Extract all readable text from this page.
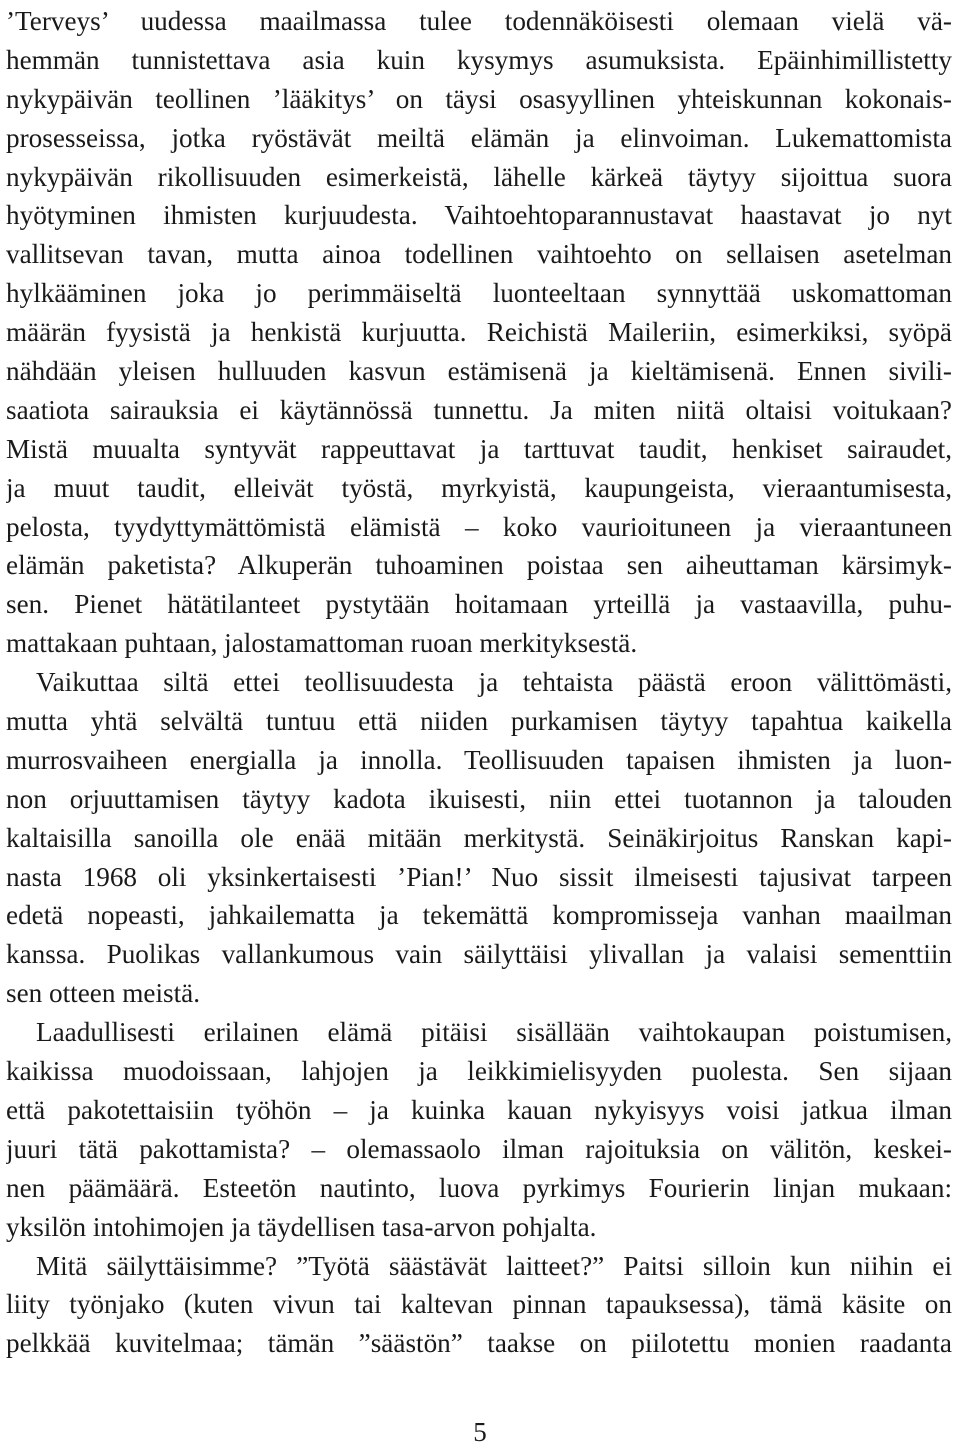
’Terveys’ uudessa maailmassa tulee todennäköisesti olemaan vielä vä-
hemmän tunnistettava asia kuin kysymys asumuksista. Epäinhimillistetty
nykypäivän teollinen ’lääkitys’ on täysi osasyyllinen yhteiskunnan kokonais-
prosesseissa, jotka ryöstävät meiltä elämän ja elinvoiman. Lukemattomista
nykypäivän rikollisuuden esimerkeistä, lähelle kärkeä täytyy sijoittua suora
hyötyminen ihmisten kurjuudesta. Vaihtoehtoparannustavat haastavat jo nyt
vallitsevan tavan, mutta ainoa todellinen vaihtoehto on sellaisen asetelman
hylkääminen joka jo perimmäiseltä luonteeltaan synnyttää uskomattoman
määrän fyysistä ja henkistä kurjuutta. Reichistä Maileriin, esimerkiksi, syöpä
nähdään yleisen hulluuden kasvun estämisenä ja kieltämisenä. Ennen sivili-
saatiota sairauksia ei käytännössä tunnettu. Ja miten niitä oltaisi voitukaan?
Mistä muualta syntyvät rappeuttavat ja tarttuvat taudit, henkiset sairaudet,
ja muut taudit, elleivät työstä, myrkyistä, kaupungeista, vieraantumisesta,
pelosta, tyydyttymättömistä elämistä – koko vaurioituneen ja vieraantuneen
elämän paketista? Alkuperän tuhoaminen poistaa sen aiheuttaman kärsimyk-
sen. Pienet hätätilanteet pystytään hoitamaan yrteillä ja vastaavilla, puhu-
mattakaan puhtaan, jalostamattoman ruoan merkityksestä.
Vaikuttaa siltä ettei teollisuudesta ja tehtaista päästä eroon välittömästi,
mutta yhtä selvältä tuntuu että niiden purkamisen täytyy tapahtua kaikella
murrosvaiheen energialla ja innolla. Teollisuuden tapaisen ihmisten ja luon-
non orjuuttamisen täytyy kadota ikuisesti, niin ettei tuotannon ja talouden
kaltaisilla sanoilla ole enää mitään merkitystä. Seinäkirjoitus Ranskan kapi-
nasta 1968 oli yksinkertaisesti ’Pian!’ Nuo sissit ilmeisesti tajusivat tarpeen
edetä nopeasti, jahkailematta ja tekemättä kompromisseja vanhan maailman
kanssa. Puolikas vallankumous vain säilyttäisi ylivallan ja valaisi sementtiin
sen otteen meistä.
Laadullisesti erilainen elämä pitäisi sisällään vaihtokaupan poistumisen,
kaikissa muodoissaan, lahjojen ja leikkimielisyyden puolesta. Sen sijaan
että pakotettaisiin työhön – ja kuinka kauan nykyisyys voisi jatkua ilman
juuri tätä pakottamista? – olemassaolo ilman rajoituksia on välitön, keskei-
nen päämäärä. Esteetön nautinto, luova pyrkimys Fourierin linjan mukaan:
yksilön intohimojen ja täydellisen tasa-arvon pohjalta.
Mitä säilyttäisimme? ”Työtä säästävät laitteet?” Paitsi silloin kun niihin ei
liity työnjako (kuten vivun tai kaltevan pinnan tapauksessa), tämä käsite on
pelkkää kuvitelmaa; tämän ”säästön” taakse on piilotettu monien raadanta
5
